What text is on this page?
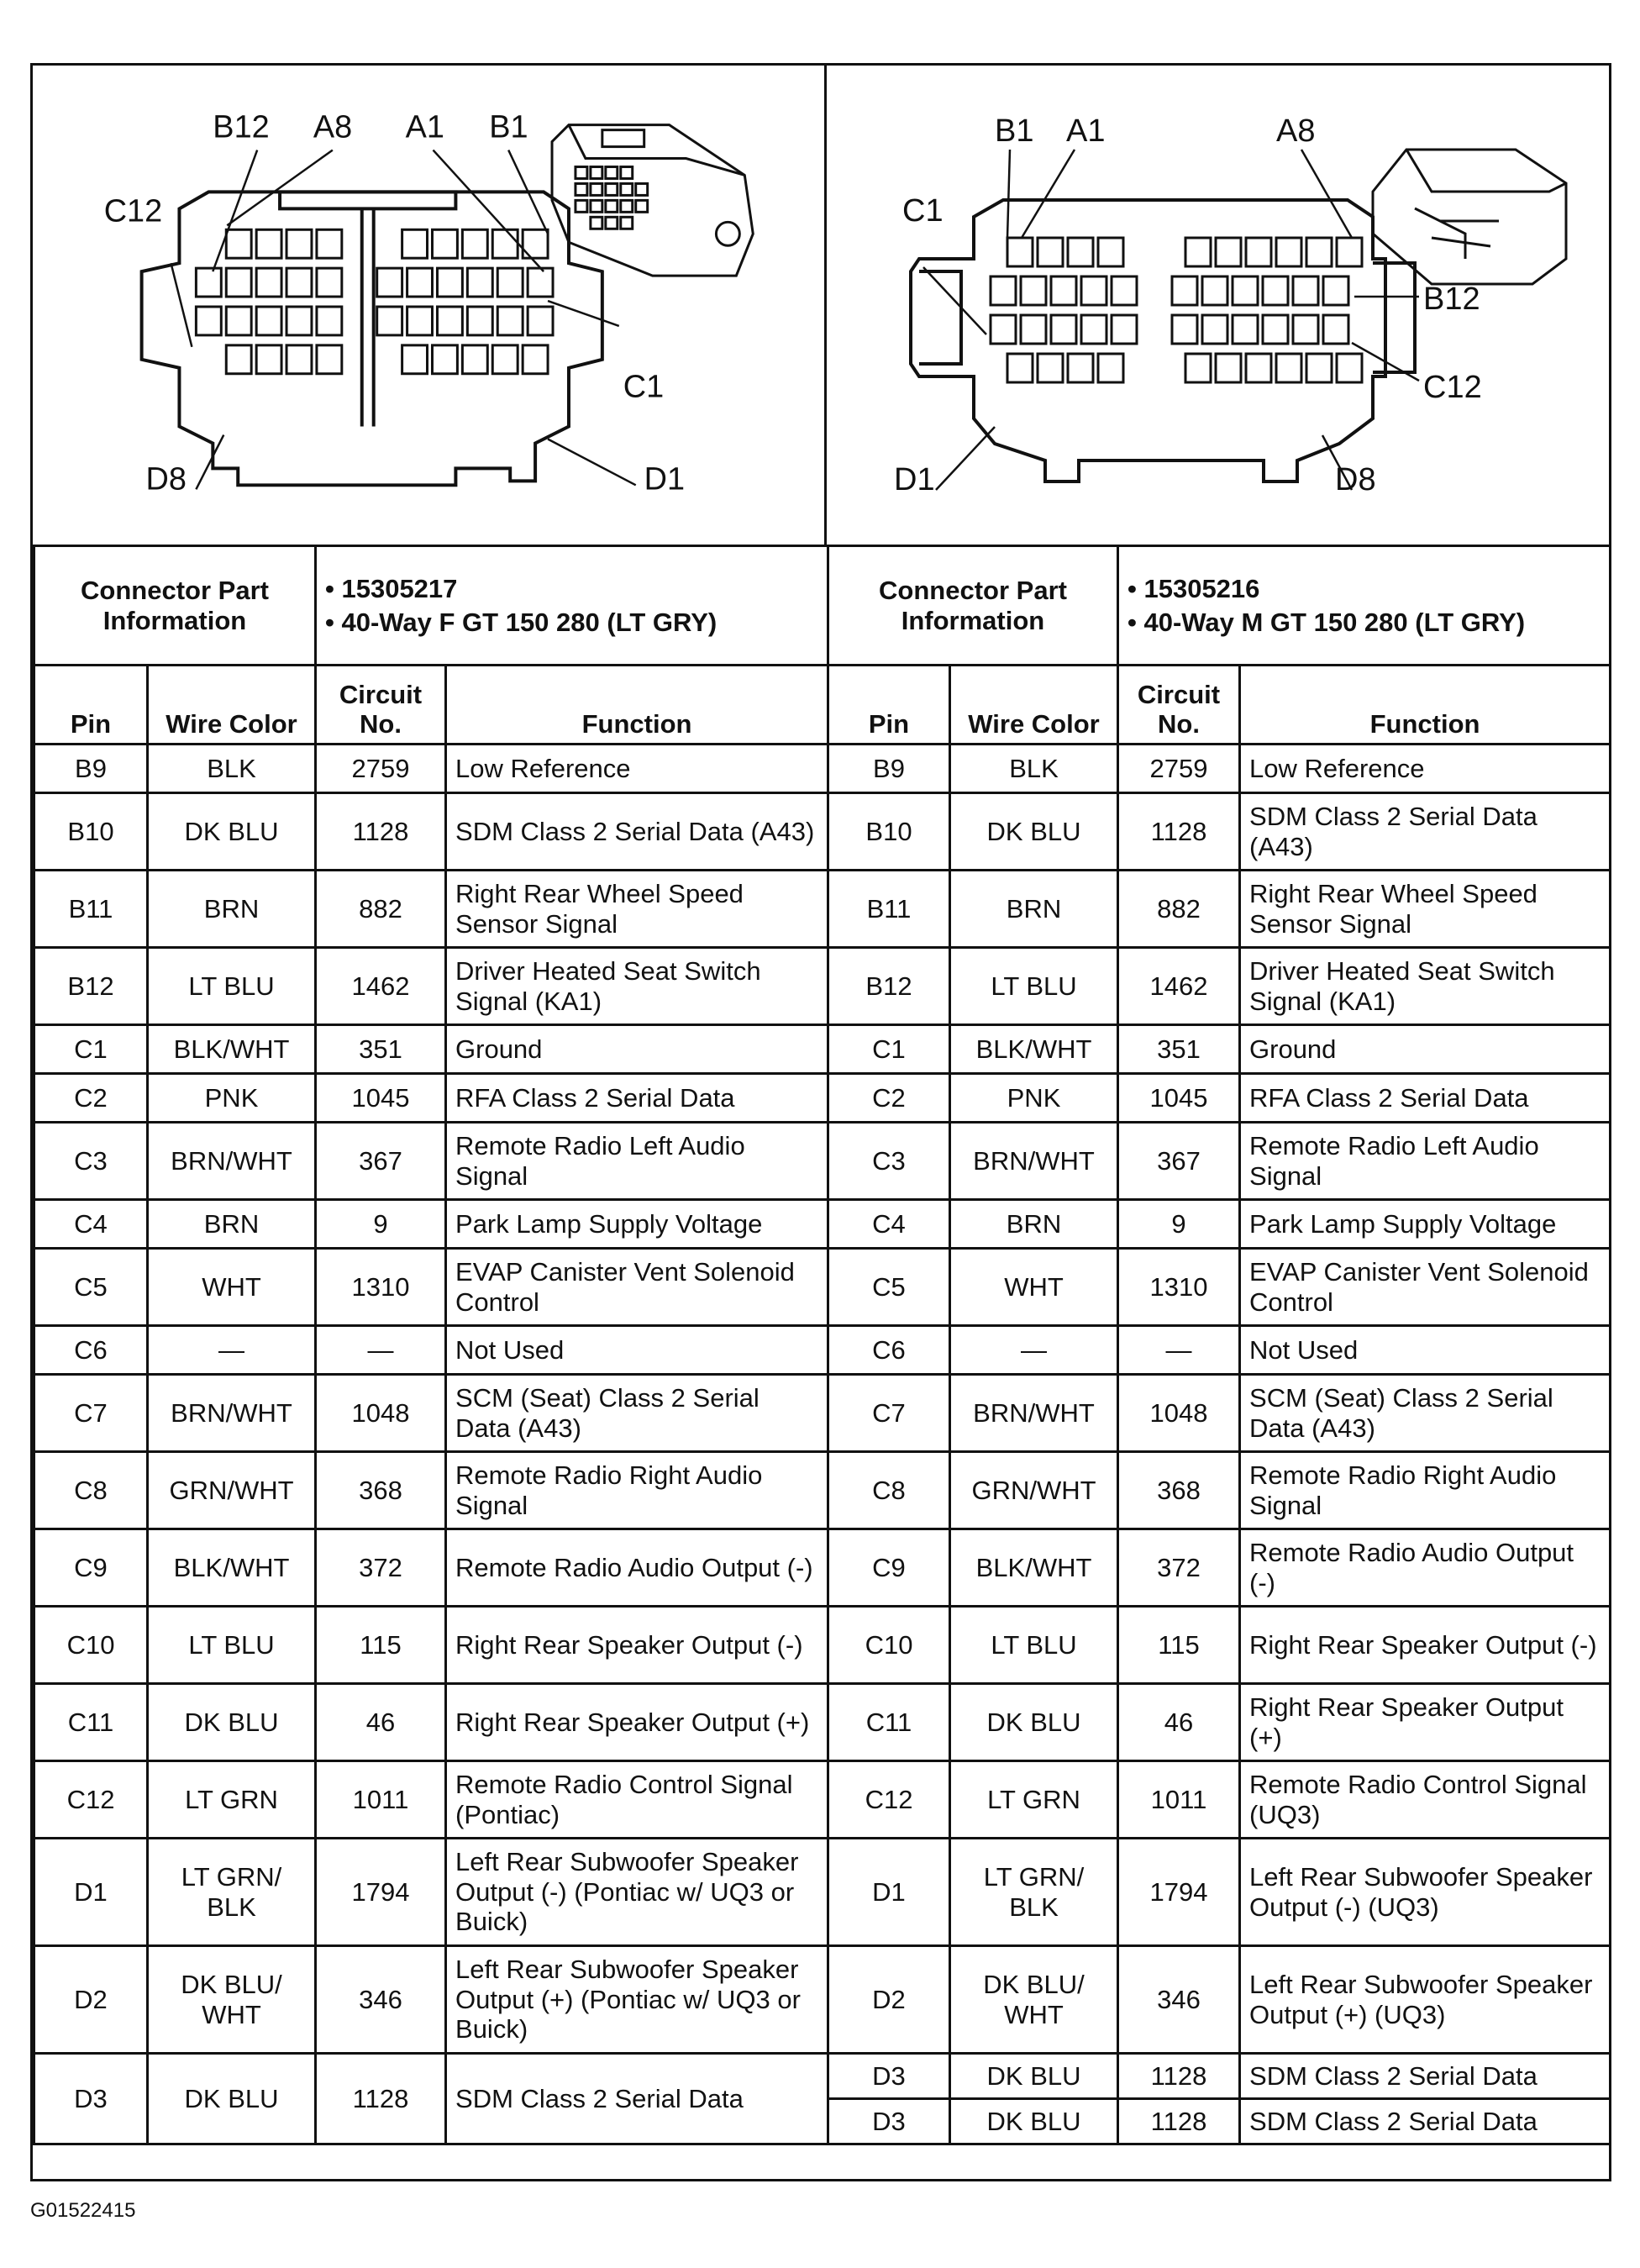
B12 A8 A1 B1
C12
C1
D8	D1
B1 A1	A8
C1
B12
C12
D1	D8
Connector Part Information		• 15305217
• 40-Way F GT 150 280 (LT GRY)	

Pin	Wire Color	Circuit No.	Function
B9	BLK	2759	Low Reference
B10	DK BLU	1128	SDM Class 2 Serial Data (A43)
B11	BRN	882	Right Rear Wheel Speed Sensor Signal
B12	LT BLU	1462	Driver Heated Seat Switch Signal (KA1)
C1	BLK/WHT	351	Ground
C2	PNK	1045	RFA Class 2 Serial Data
C3	BRN/WHT	367	Remote Radio Left Audio Signal
C4	BRN	9	Park Lamp Supply Voltage
C5	WHT	1310	EVAP Canister Vent Solenoid Control
C6	—	—	Not Used
C7	BRN/WHT	1048	SCM (Seat) Class 2 Serial Data (A43)
C8	GRN/WHT	368	Remote Radio Right Audio Signal
C9	BLK/WHT	372	Remote Radio Audio Output (-)
C10	LT BLU	115	Right Rear Speaker Output (-)
C11	DK BLU	46	Right Rear Speaker Output (+)
C12	LT GRN	1011	Remote Radio Control Signal (Pontiac)
D1	LT GRN/ BLK	1794	Left Rear Subwoofer Speaker Output (-) (Pontiac w/ UQ3 or Buick)
D2	DK BLU/ WHT	346	Left Rear Subwoofer Speaker Output (+) (Pontiac w/ UQ3 or Buick)
D3	DK BLU	1128	SDM Class 2 Serial Data
Connector Part Information		• 15305216
• 40-Way M GT 150 280 (LT GRY)	

Pin	Wire Color	Circuit No.	Function
B9	BLK	2759	Low Reference
B10	DK BLU	1128	SDM Class 2 Serial Data (A43)
B11	BRN	882	Right Rear Wheel Speed Sensor Signal
B12	LT BLU	1462	Driver Heated Seat Switch Signal (KA1)
C1	BLK/WHT	351	Ground
C2	PNK	1045	RFA Class 2 Serial Data
C3	BRN/WHT	367	Remote Radio Left Audio Signal
C4	BRN	9	Park Lamp Supply Voltage
C5	WHT	1310	EVAP Canister Vent Solenoid Control
C6	—	—	Not Used
C7	BRN/WHT	1048	SCM (Seat) Class 2 Serial Data (A43)
C8	GRN/WHT	368	Remote Radio Right Audio Signal
C9	BLK/WHT	372	Remote Radio Audio Output (-)
C10	LT BLU	115	Right Rear Speaker Output (-)
C11	DK BLU	46	Right Rear Speaker Output (+)
C12	LT GRN	1011	Remote Radio Control Signal (UQ3)
D1	LT GRN/ BLK	1794	Left Rear Subwoofer Speaker Output (-) (UQ3)
D2	DK BLU/ WHT	346	Left Rear Subwoofer Speaker Output (+) (UQ3)
D3	DK BLU	1128	SDM Class 2 Serial Data
D3	DK BLU	1128	SDM Class 2 Serial Data
G01522415
